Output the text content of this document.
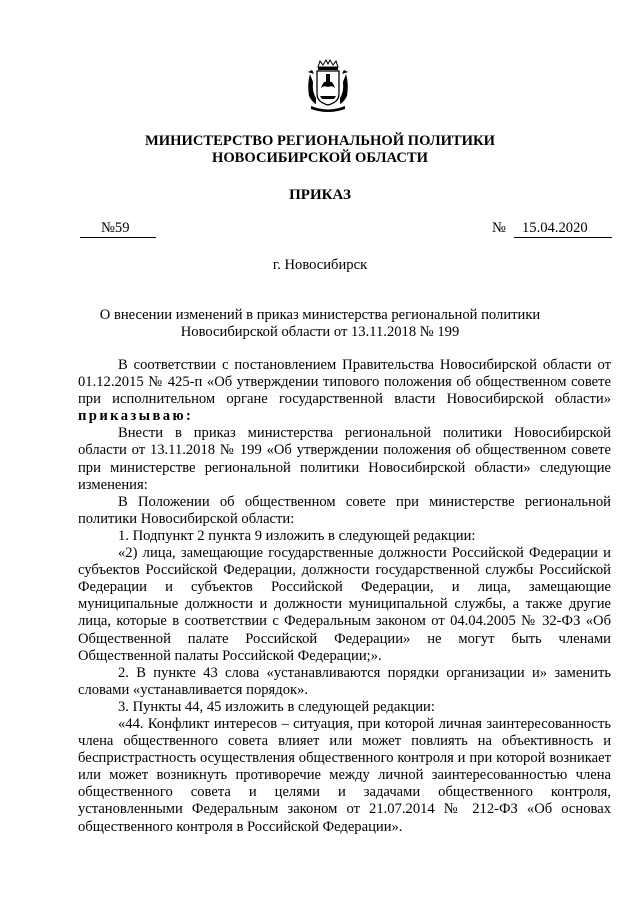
МИНИСТЕРСТВО РЕГИОНАЛЬНОЙ ПОЛИТИКИ
НОВОСИБИРСКОЙ ОБЛАСТИ
ПРИКАЗ
№59	№	15.04.2020
г. Новосибирск
О внесении изменений в приказ министерства региональной политики Новосибирской области от 13.11.2018 № 199

В соответствии с постановлением Правительства Новосибирской области от 01.12.2015 № 425-п «Об утверждении типового положения об общественном совете при исполнительном органе государственной власти Новосибирской области» приказываю:

Внести в приказ министерства региональной политики Новосибирской области от 13.11.2018 № 199 «Об утверждении положения об общественном совете при министерстве региональной политики Новосибирской области» следующие изменения:

В Положении об общественном совете при министерстве региональной политики Новосибирской области:

1. Подпункт 2 пункта 9 изложить в следующей редакции:

«2) лица, замещающие государственные должности Российской Федерации и субъектов Российской Федерации, должности государственной службы Российской Федерации и субъектов Российской Федерации, и лица, замещающие муниципальные должности и должности муниципальной службы, а также другие лица, которые в соответствии с Федеральным законом от 04.04.2005 № 32-ФЗ «Об Общественной палате Российской Федерации» не могут быть членами Общественной палаты Российской Федерации;».

2. В пункте 43 слова «устанавливаются порядки организации и» заменить словами «устанавливается порядок».

3. Пункты 44, 45 изложить в следующей редакции:

«44. Конфликт интересов – ситуация, при которой личная заинтересованность члена общественного совета влияет или может повлиять на объективность и беспристрастность осуществления общественного контроля и при которой возникает или может возникнуть противоречие между личной заинтересованностью члена общественного совета и целями и задачами общественного контроля, установленными Федеральным законом от 21.07.2014 № 212-ФЗ «Об основах общественного контроля в Российской Федерации».
